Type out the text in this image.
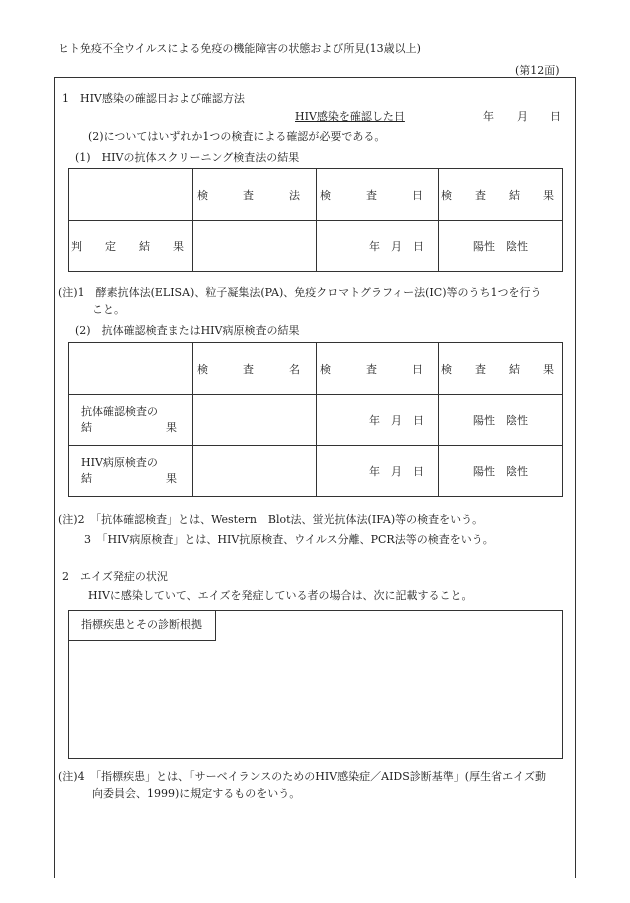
ヒト免疫不全ウイルスによる免疫の機能障害の状態および所見(13歳以上)
(第12面)
1　HIV感染の確認日および確認方法
HIV感染を確認した日	年 月 日
(2)についてはいずれか1つの検査による確認が必要である。
(1)　HIVの抗体スクリーニング検査法の結果
	検　査　法	検　査　日	検　査　結　果
判　定　結　果		年　月　日	陽性　陰性
(注)1　酵素抗体法(ELISA)、粒子凝集法(PA)、免疫クロマトグラフィー法(IC)等のうち1つを行う
こと。
(2)　抗体確認検査またはHIV病原検査の結果
	検　査　名	検　査　日	検　査　結　果

抗体確認検査の
結 果		年　月　日	陽性　陰性

HIV病原検査の
結 果		年　月　日	陽性　陰性
(注)2　「抗体確認検査」とは、Western　Blot法、蛍光抗体法(IFA)等の検査をいう。
3　「HIV病原検査」とは、HIV抗原検査、ウイルス分離、PCR法等の検査をいう。
2　エイズ発症の状況
HIVに感染していて、エイズを発症している者の場合は、次に記載すること。
指標疾患とその診断根拠
(注)4　「指標疾患」とは、「サーベイランスのためのHIV感染症／AIDS診断基準」(厚生省エイズ動
向委員会、1999)に規定するものをいう。
